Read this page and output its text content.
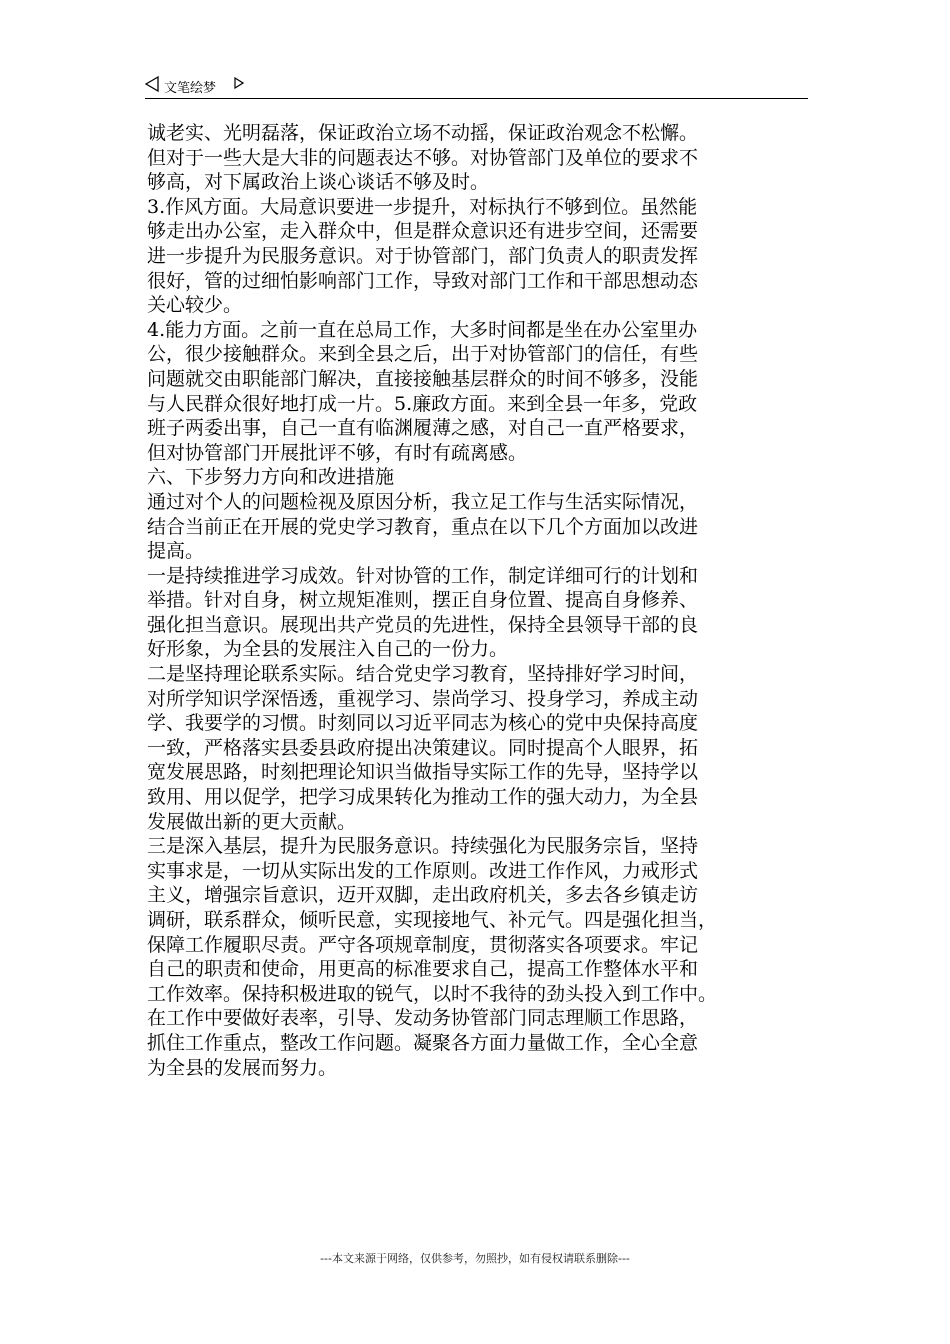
文笔绘梦

诚老实、光明磊落，保证政治立场不动摇，保证政治观念不松懈。

但对于一些大是大非的问题表达不够。对协管部门及单位的要求不

够高，对下属政治上谈心谈话不够及时。

3.作风方面。大局意识要进一步提升，对标执行不够到位。虽然能

够走出办公室，走入群众中，但是群众意识还有进步空间，还需要

进一步提升为民服务意识。对于协管部门，部门负责人的职责发挥

很好，管的过细怕影响部门工作，导致对部门工作和干部思想动态

关心较少。

4.能力方面。之前一直在总局工作，大多时间都是坐在办公室里办

公，很少接触群众。来到全县之后，出于对协管部门的信任，有些

问题就交由职能部门解决，直接接触基层群众的时间不够多，没能

与人民群众很好地打成一片。5.廉政方面。来到全县一年多，党政

班子两委出事，自己一直有临渊履薄之感，对自己一直严格要求，

但对协管部门开展批评不够，有时有疏离感。

六、下步努力方向和改进措施

通过对个人的问题检视及原因分析，我立足工作与生活实际情况，

结合当前正在开展的党史学习教育，重点在以下几个方面加以改进

提高。

一是持续推进学习成效。针对协管的工作，制定详细可行的计划和

举措。针对自身，树立规矩准则，摆正自身位置、提高自身修养、

强化担当意识。展现出共产党员的先进性，保持全县领导干部的良

好形象，为全县的发展注入自己的一份力。

二是坚持理论联系实际。结合党史学习教育，坚持排好学习时间，

对所学知识学深悟透，重视学习、崇尚学习、投身学习，养成主动

学、我要学的习惯。时刻同以习近平同志为核心的党中央保持高度

一致，严格落实县委县政府提出决策建议。同时提高个人眼界，拓

宽发展思路，时刻把理论知识当做指导实际工作的先导，坚持学以

致用、用以促学，把学习成果转化为推动工作的强大动力，为全县

发展做出新的更大贡献。

三是深入基层，提升为民服务意识。持续强化为民服务宗旨，坚持

实事求是，一切从实际出发的工作原则。改进工作作风，力戒形式

主义，增强宗旨意识，迈开双脚，走出政府机关，多去各乡镇走访

调研，联系群众，倾听民意，实现接地气、补元气。四是强化担当，

保障工作履职尽责。严守各项规章制度，贯彻落实各项要求。牢记

自己的职责和使命，用更高的标准要求自己，提高工作整体水平和

工作效率。保持积极进取的锐气，以时不我待的劲头投入到工作中。

在工作中要做好表率，引导、发动务协管部门同志理顺工作思路，

抓住工作重点，整改工作问题。凝聚各方面力量做工作，全心全意

为全县的发展而努力。

---本文来源于网络，仅供参考，勿照抄，如有侵权请联系删除---
